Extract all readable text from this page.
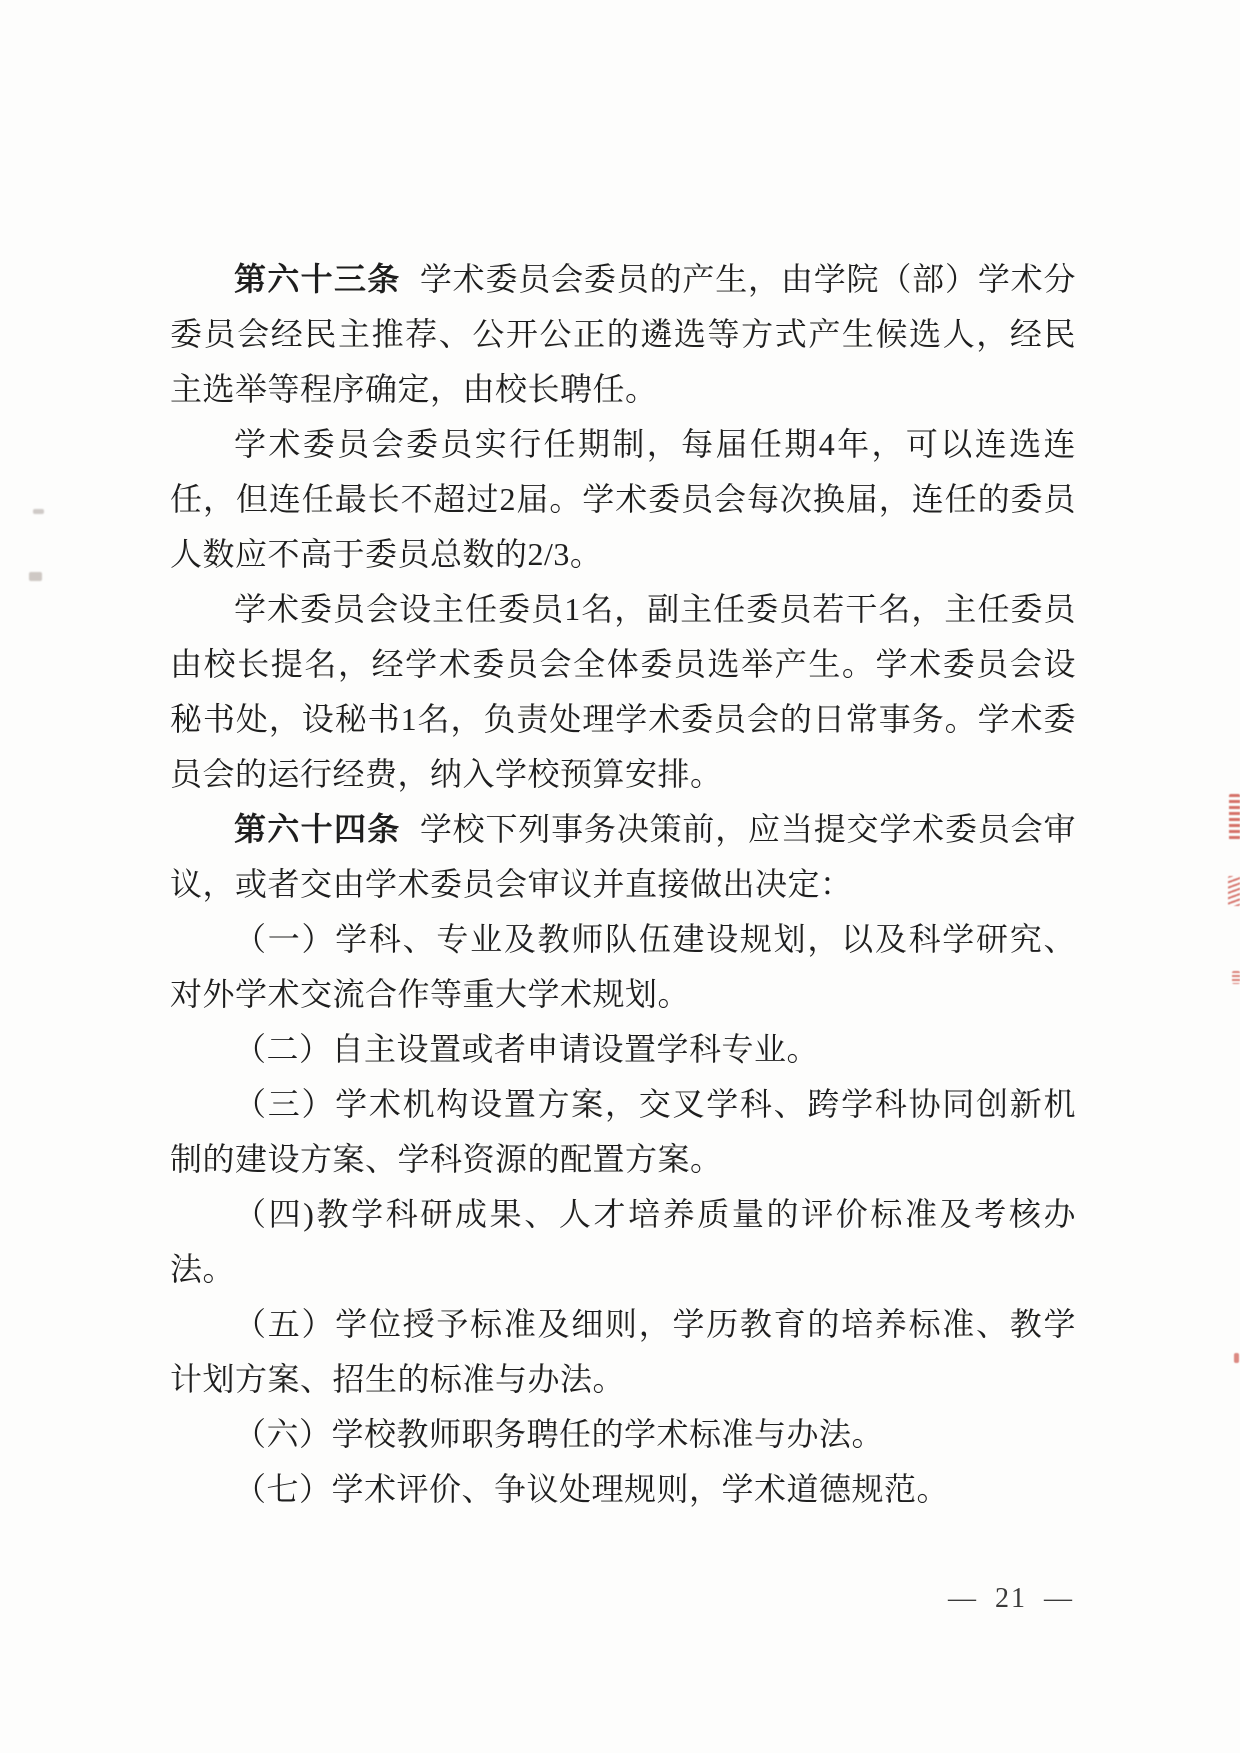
第六十三条 学术委员会委员的产生，由学院（部）学术分委员会经民主推荐、公开公正的遴选等方式产生候选人，经民主选举等程序确定，由校长聘任。

学术委员会委员实行任期制，每届任期4年，可以连选连任，但连任最长不超过2届。学术委员会每次换届，连任的委员人数应不高于委员总数的2/3。

学术委员会设主任委员1名，副主任委员若干名，主任委员由校长提名，经学术委员会全体委员选举产生。学术委员会设秘书处，设秘书1名，负责处理学术委员会的日常事务。学术委员会的运行经费，纳入学校预算安排。

第六十四条 学校下列事务决策前，应当提交学术委员会审议，或者交由学术委员会审议并直接做出决定：

（一）学科、专业及教师队伍建设规划，以及科学研究、对外学术交流合作等重大学术规划。

（二）自主设置或者申请设置学科专业。

（三）学术机构设置方案，交叉学科、跨学科协同创新机制的建设方案、学科资源的配置方案。

（四)教学科研成果、人才培养质量的评价标准及考核办法。

（五）学位授予标准及细则，学历教育的培养标准、教学计划方案、招生的标准与办法。

（六）学校教师职务聘任的学术标准与办法。

（七）学术评价、争议处理规则，学术道德规范。

— 21 —
